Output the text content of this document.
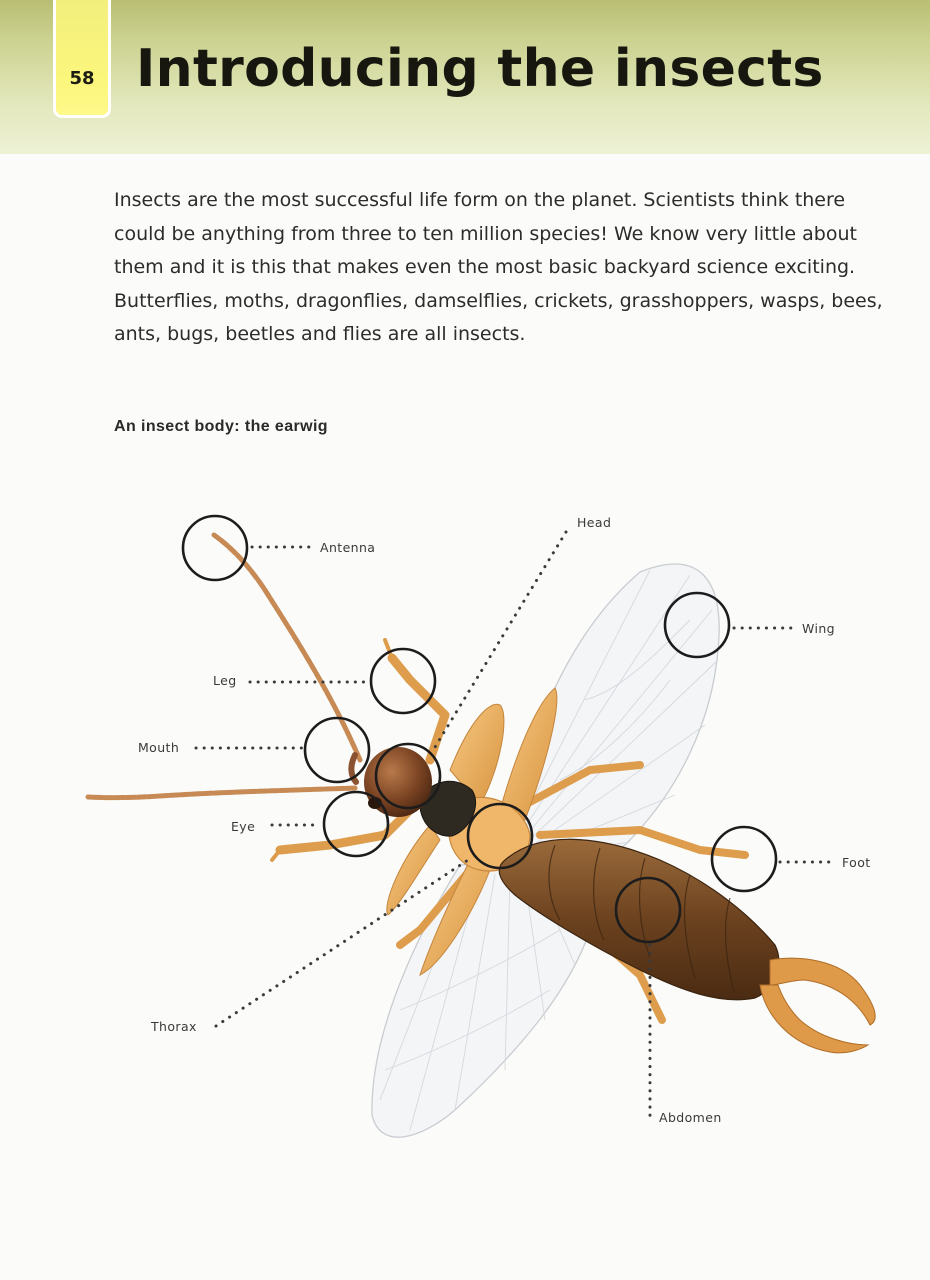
58 Introducing the insects

Insects are the most successful life form on the planet. Scientists think there could be anything from three to ten million species! We know very little about them and it is this that makes even the most basic backyard science exciting. Butterflies, moths, dragonflies, damselflies, crickets, grasshoppers, wasps, bees, ants, bugs, beetles and flies are all insects.

An insect body: the earwig
Antenna
Head
Wing
Leg
Mouth
Eye
Foot
Thorax
Abdomen
